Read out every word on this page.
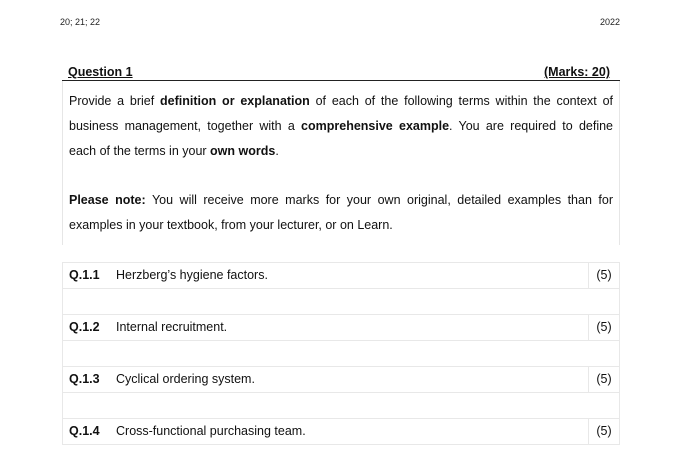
20; 21; 22	2022
Question 1	(Marks: 20)

Provide a brief definition or explanation of each of the following terms within the context of business management, together with a comprehensive example. You are required to define each of the terms in your own words.

Please note: You will receive more marks for your own original, detailed examples than for examples in your textbook, from your lecturer, or on Learn.

Q.1.1 Herzberg’s hygiene factors.	(5)
Q.1.2 Internal recruitment.	(5)
Q.1.3 Cyclical ordering system.	(5)
Q.1.4 Cross-functional purchasing team.	(5)
